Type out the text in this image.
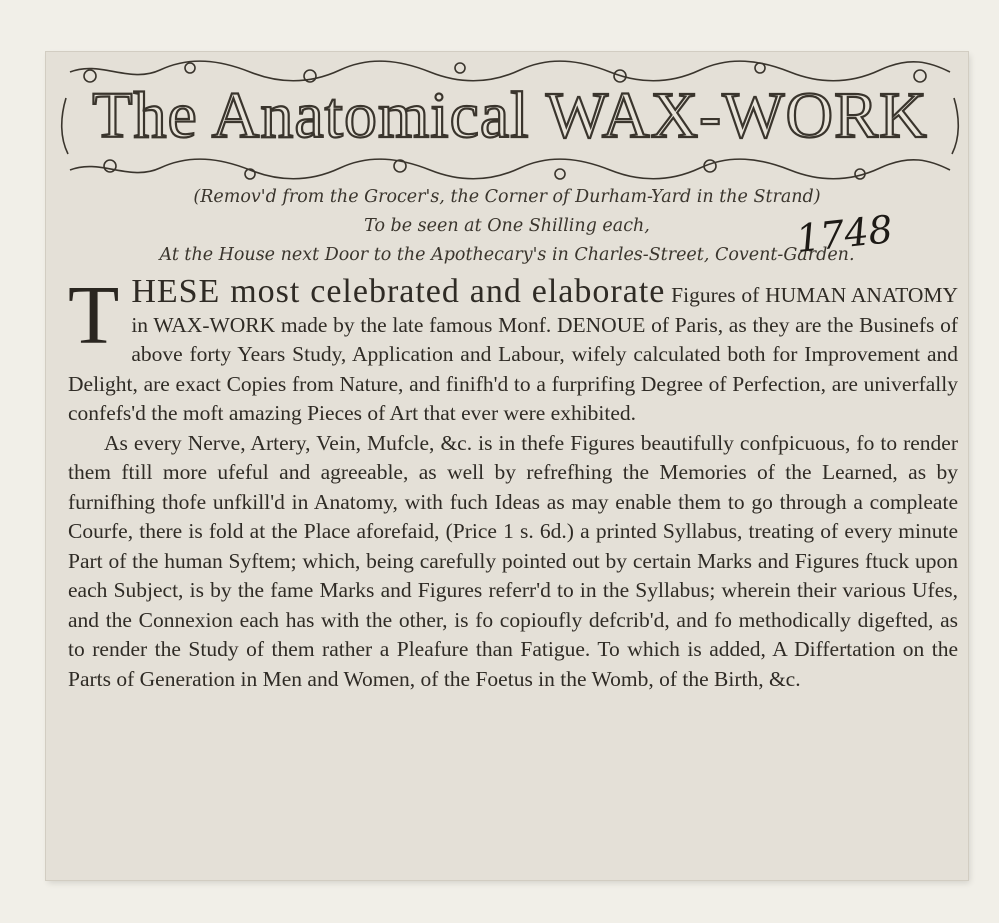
The Anatomical WAX-WORK
(Remov'd from the Grocer's, the Corner of Durham-Yard in the Strand)
To be seen at One Shilling each,
At the House next Door to the Apothecary's in Charles-Street, Covent-Garden.
1748

T HESE most celebrated and elaborate Figures of HUMAN ANATOMY in WAX-WORK made by the late famous Monf. DENOUE of Paris, as they are the Businefs of above forty Years Study, Application and Labour, wifely calculated both for Improvement and Delight, are exact Copies from Nature, and finifh'd to a furprifing Degree of Perfection, are univerfally confefs'd the moft amazing Pieces of Art that ever were exhibited.

As every Nerve, Artery, Vein, Mufcle, &c. is in thefe Figures beautifully confpicuous, fo to render them ftill more ufeful and agreeable, as well by refrefhing the Memories of the Learned, as by furnifhing thofe unfkill'd in Anatomy, with fuch Ideas as may enable them to go through a compleate Courfe, there is fold at the Place aforefaid, (Price 1 s. 6d.) a printed Syllabus, treating of every minute Part of the human Syftem; which, being carefully pointed out by certain Marks and Figures ftuck upon each Subject, is by the fame Marks and Figures referr'd to in the Syllabus; wherein their various Ufes, and the Connexion each has with the other, is fo copioufly defcrib'd, and fo methodically digefted, as to render the Study of them rather a Pleafure than Fatigue. To which is added, A Differtation on the Parts of Generation in Men and Women, of the Foetus in the Womb, of the Birth, &c.
